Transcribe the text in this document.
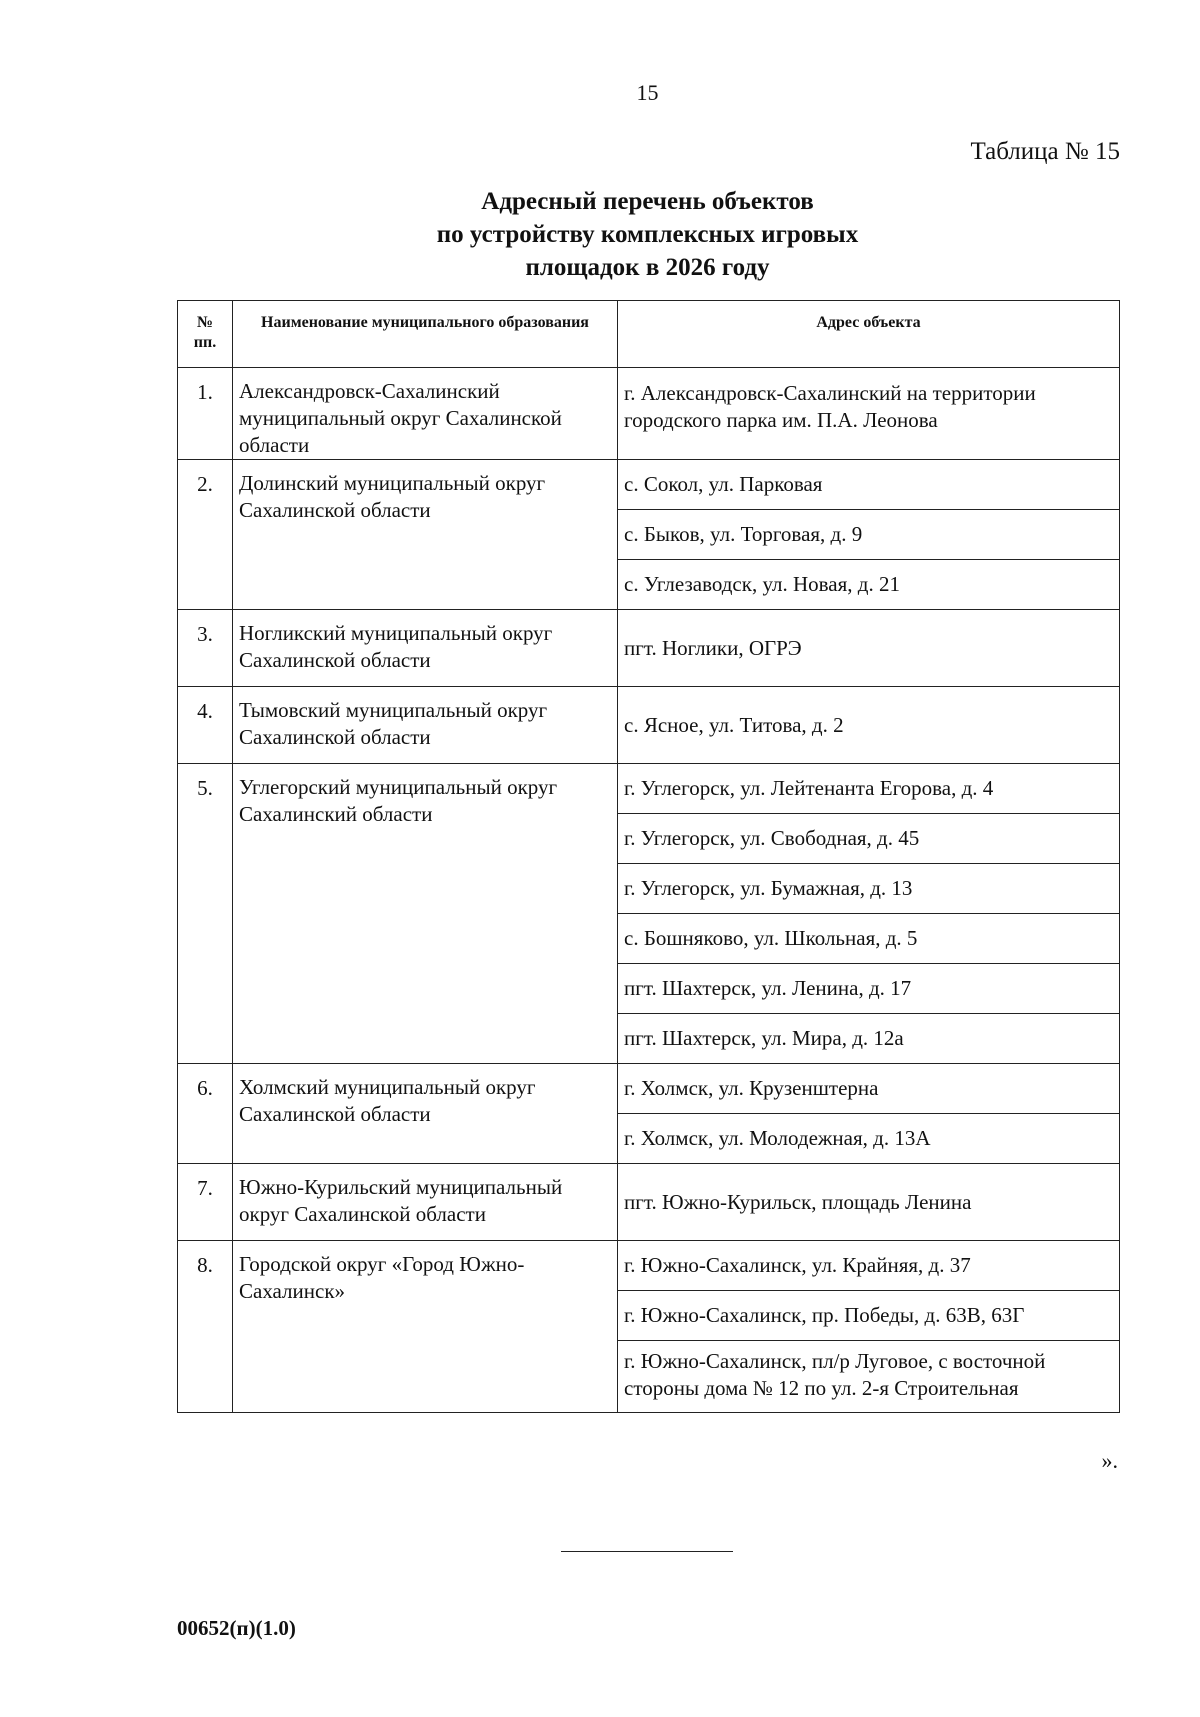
15
Таблица № 15
Адресный перечень объектов
по устройству комплексных игровых
площадок в 2026 году
№ пп.	Наименование муниципального образования	Адрес объекта
1.	Александровск-Сахалинский муниципальный округ Сахалинской области	г. Александровск-Сахалинский на территории городского парка им. П.А. Леонова
2.	Долинский муниципальный округ Сахалинской области	с. Сокол, ул. Парковая
		с. Быков, ул. Торговая, д. 9
		с. Углезаводск, ул. Новая, д. 21
3.	Ногликский муниципальный округ Сахалинской области	пгт. Ноглики, ОГРЭ
4.	Тымовский муниципальный округ Сахалинской области	с. Ясное, ул. Титова, д. 2
5.	Углегорский муниципальный округ Сахалинский области	г. Углегорск, ул. Лейтенанта Егорова, д. 4
		г. Углегорск, ул. Свободная, д. 45
		г. Углегорск, ул. Бумажная, д. 13
		с. Бошняково, ул. Школьная, д. 5
		пгт. Шахтерск, ул. Ленина, д. 17
		пгт. Шахтерск, ул. Мира, д. 12а
6.	Холмский муниципальный округ Сахалинской области	г. Холмск, ул. Крузенштерна
		г. Холмск, ул. Молодежная, д. 13А
7.	Южно-Курильский муниципальный округ Сахалинской области	пгт. Южно-Курильск, площадь Ленина
8.	Городской округ «Город Южно-Сахалинск»	г. Южно-Сахалинск, ул. Крайняя, д. 37
		г. Южно-Сахалинск, пр. Победы, д. 63В, 63Г
		г. Южно-Сахалинск, пл/р Луговое, с восточной стороны дома № 12 по ул. 2-я Строительная
».
00652(п)(1.0)
